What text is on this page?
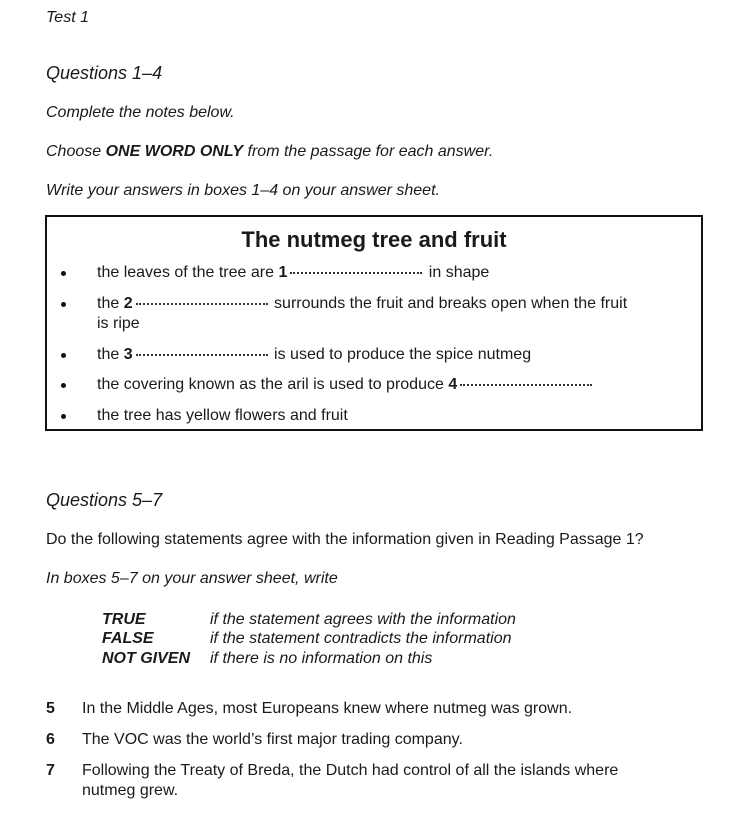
Test 1
Questions 1–4
Complete the notes below.
Choose ONE WORD ONLY from the passage for each answer.
Write your answers in boxes 1–4 on your answer sheet.
The nutmeg tree and fruit
the leaves of the tree are 1	in shape
the 2	surrounds the fruit and breaks open when the fruit
is ripe
the 3	is used to produce the spice nutmeg
the covering known as the aril is used to produce 4
the tree has yellow flowers and fruit
Questions 5–7
Do the following statements agree with the information given in Reading Passage 1?
In boxes 5–7 on your answer sheet, write
TRUE	if the statement agrees with the information
FALSE	if the statement contradicts the information
NOT GIVEN if there is no information on this
5 In the Middle Ages, most Europeans knew where nutmeg was grown.
6 The VOC was the world’s first major trading company.
7 Following the Treaty of Breda, the Dutch had control of all the islands where
nutmeg grew.
